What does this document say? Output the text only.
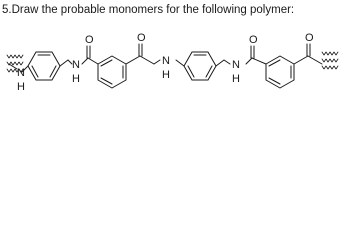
5.Draw the probable monomers for the following polymer:

N
H
N
H
O	O
N
H
N
H
O	O
